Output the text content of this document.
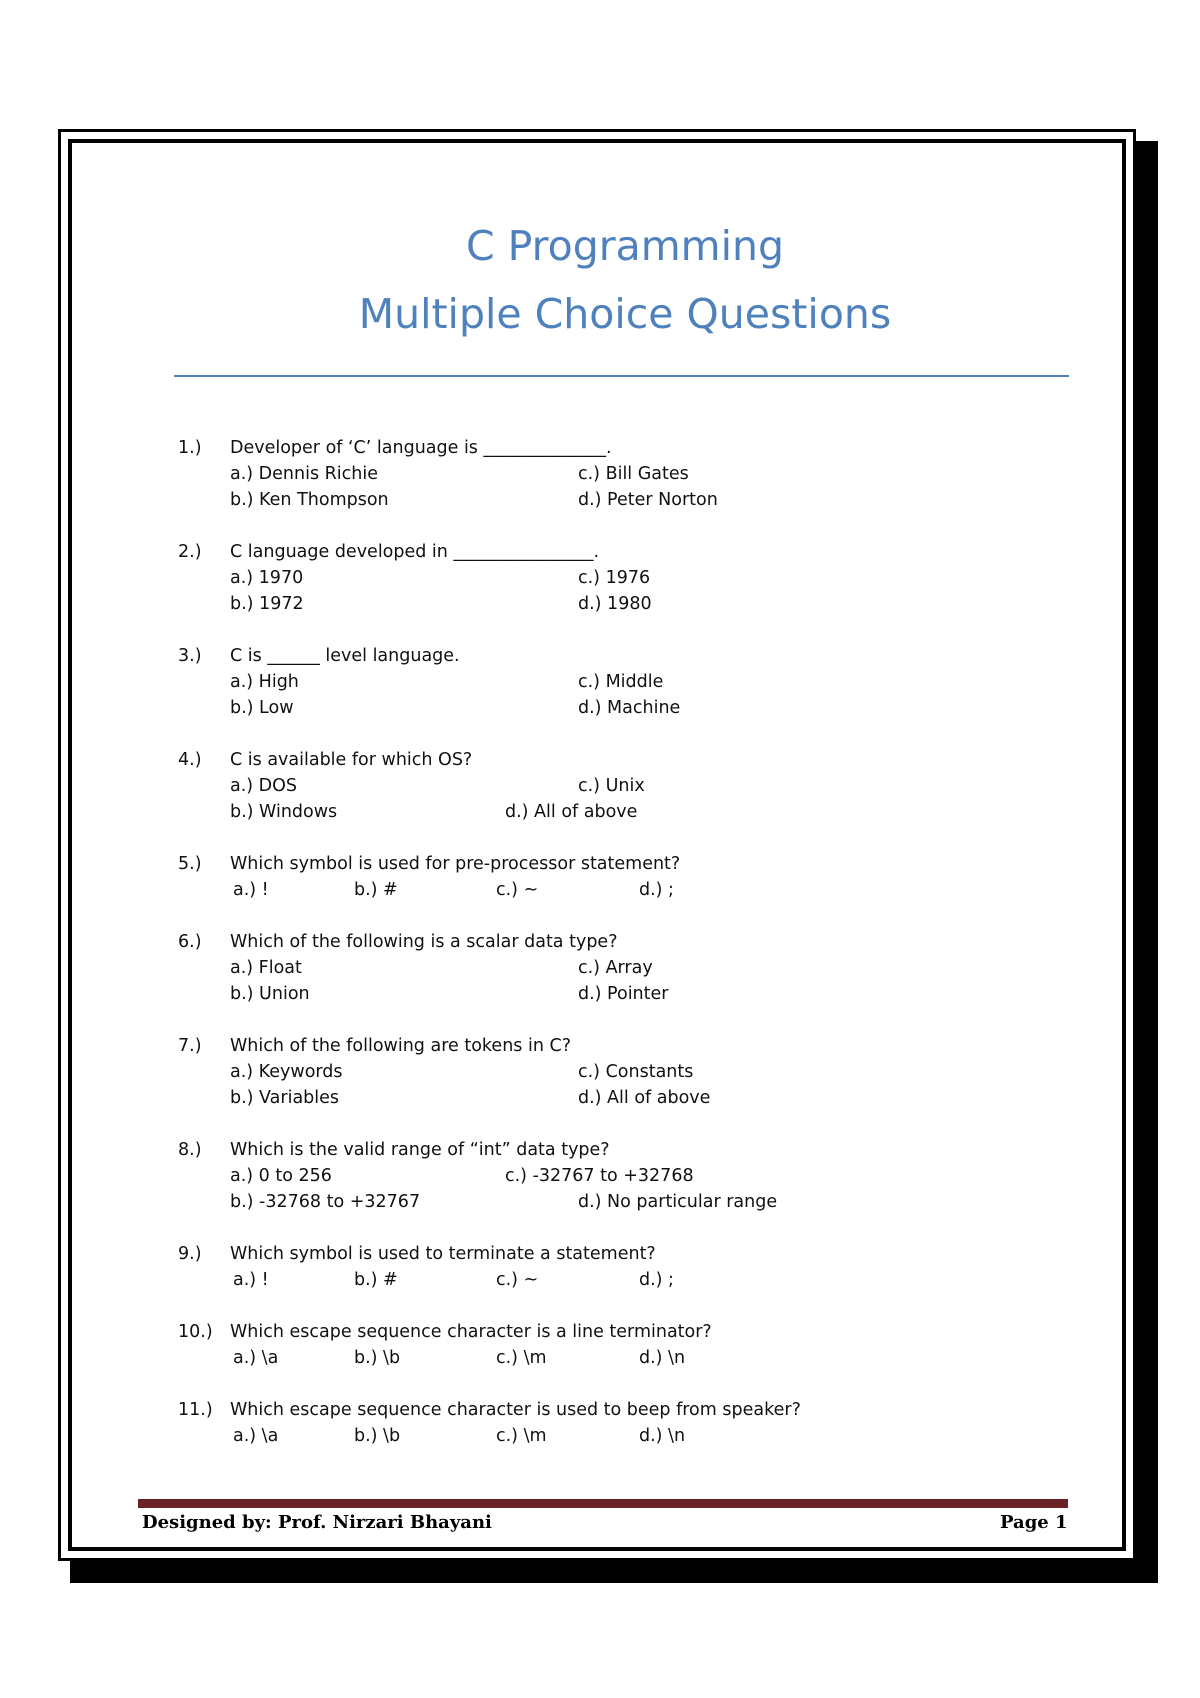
C Programming
Multiple Choice Questions
1.) Developer of ‘C’ language is ______________.
a.) Dennis Richie	c.) Bill Gates
b.) Ken Thompson	d.) Peter Norton
2.) C language developed in ________________.
a.) 1970	c.) 1976
b.) 1972	d.) 1980
3.) C is ______ level language.
a.) High	c.) Middle
b.) Low	d.) Machine
4.) C is available for which OS?
a.) DOS	c.) Unix
b.) Windows	d.) All of above
5.) Which symbol is used for pre-processor statement?
a.) !	b.) #	c.) ~	d.) ;
6.) Which of the following is a scalar data type?
a.) Float	c.) Array
b.) Union	d.) Pointer
7.) Which of the following are tokens in C?
a.) Keywords	c.) Constants
b.) Variables	d.) All of above
8.) Which is the valid range of “int” data type?
a.) 0 to 256	c.) -32767 to +32768
b.) -32768 to +32767	d.) No particular range
9.) Which symbol is used to terminate a statement?
a.) !	b.) #	c.) ~	d.) ;
10.) Which escape sequence character is a line terminator?
a.) \a	b.) \b	c.) \m	d.) \n
11.) Which escape sequence character is used to beep from speaker?
a.) \a	b.) \b	c.) \m	d.) \n
Designed by: Prof. Nirzari Bhayani	Page 1
